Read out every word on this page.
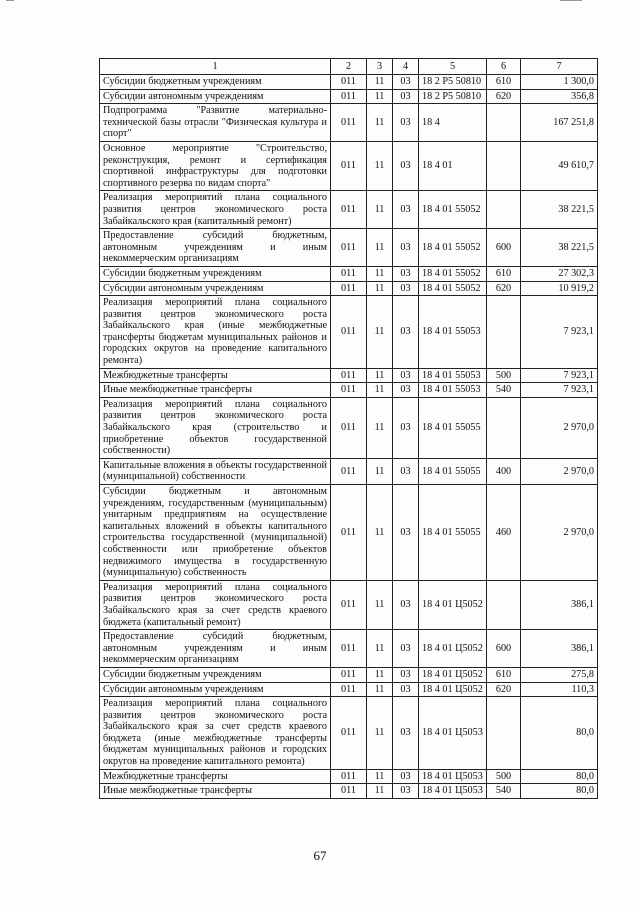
1	2	3	4	5	6	7
Субсидии бюджетным учреждениям	011	11	03	18 2 Р5 50810	610	1 300,0
Субсидии автономным учреждениям	011	11	03	18 2 Р5 50810	620	356,8
Подпрограмма "Развитие материально-технической базы отрасли "Физическая культура и спорт"	011	11	03	18 4		167 251,8
Основное мероприятие "Строительство, реконструкция, ремонт и сертификация спортивной инфраструктуры для подготовки спортивного резерва по видам спорта"	011	11	03	18 4 01		49 610,7
Реализация мероприятий плана социального развития центров экономического роста Забайкальского края (капитальный ремонт)	011	11	03	18 4 01 55052		38 221,5
Предоставление субсидий бюджетным, автономным учреждениям и иным некоммерческим организациям	011	11	03	18 4 01 55052	600	38 221,5
Субсидии бюджетным учреждениям	011	11	03	18 4 01 55052	610	27 302,3
Субсидии автономным учреждениям	011	11	03	18 4 01 55052	620	10 919,2
Реализация мероприятий плана социального развития центров экономического роста Забайкальского края (иные межбюджетные трансферты бюджетам муниципальных районов и городских округов на проведение капитального ремонта)	011	11	03	18 4 01 55053		7 923,1
Межбюджетные трансферты	011	11	03	18 4 01 55053	500	7 923,1
Иные межбюджетные трансферты	011	11	03	18 4 01 55053	540	7 923,1
Реализация мероприятий плана социального развития центров экономического роста Забайкальского края (строительство и приобретение объектов государственной собственности)	011	11	03	18 4 01 55055		2 970,0
Капитальные вложения в объекты государственной (муниципальной) собственности	011	11	03	18 4 01 55055	400	2 970,0
Субсидии бюджетным и автономным учреждениям, государственным (муниципальным) унитарным предприятиям на осуществление капитальных вложений в объекты капитального строительства государственной (муниципальной) собственности или приобретение объектов недвижимого имущества в государственную (муниципальную) собственность	011	11	03	18 4 01 55055	460	2 970,0
Реализация мероприятий плана социального развития центров экономического роста Забайкальского края за счет средств краевого бюджета (капитальный ремонт)	011	11	03	18 4 01 Ц5052		386,1
Предоставление субсидий бюджетным, автономным учреждениям и иным некоммерческим организациям	011	11	03	18 4 01 Ц5052	600	386,1
Субсидии бюджетным учреждениям	011	11	03	18 4 01 Ц5052	610	275,8
Субсидии автономным учреждениям	011	11	03	18 4 01 Ц5052	620	110,3
Реализация мероприятий плана социального развития центров экономического роста Забайкальского края за счет средств краевого бюджета (иные межбюджетные трансферты бюджетам муниципальных районов и городских округов на проведение капитального ремонта)	011	11	03	18 4 01 Ц5053		80,0
Межбюджетные трансферты	011	11	03	18 4 01 Ц5053	500	80,0
Иные межбюджетные трансферты	011	11	03	18 4 01 Ц5053	540	80,0
67
